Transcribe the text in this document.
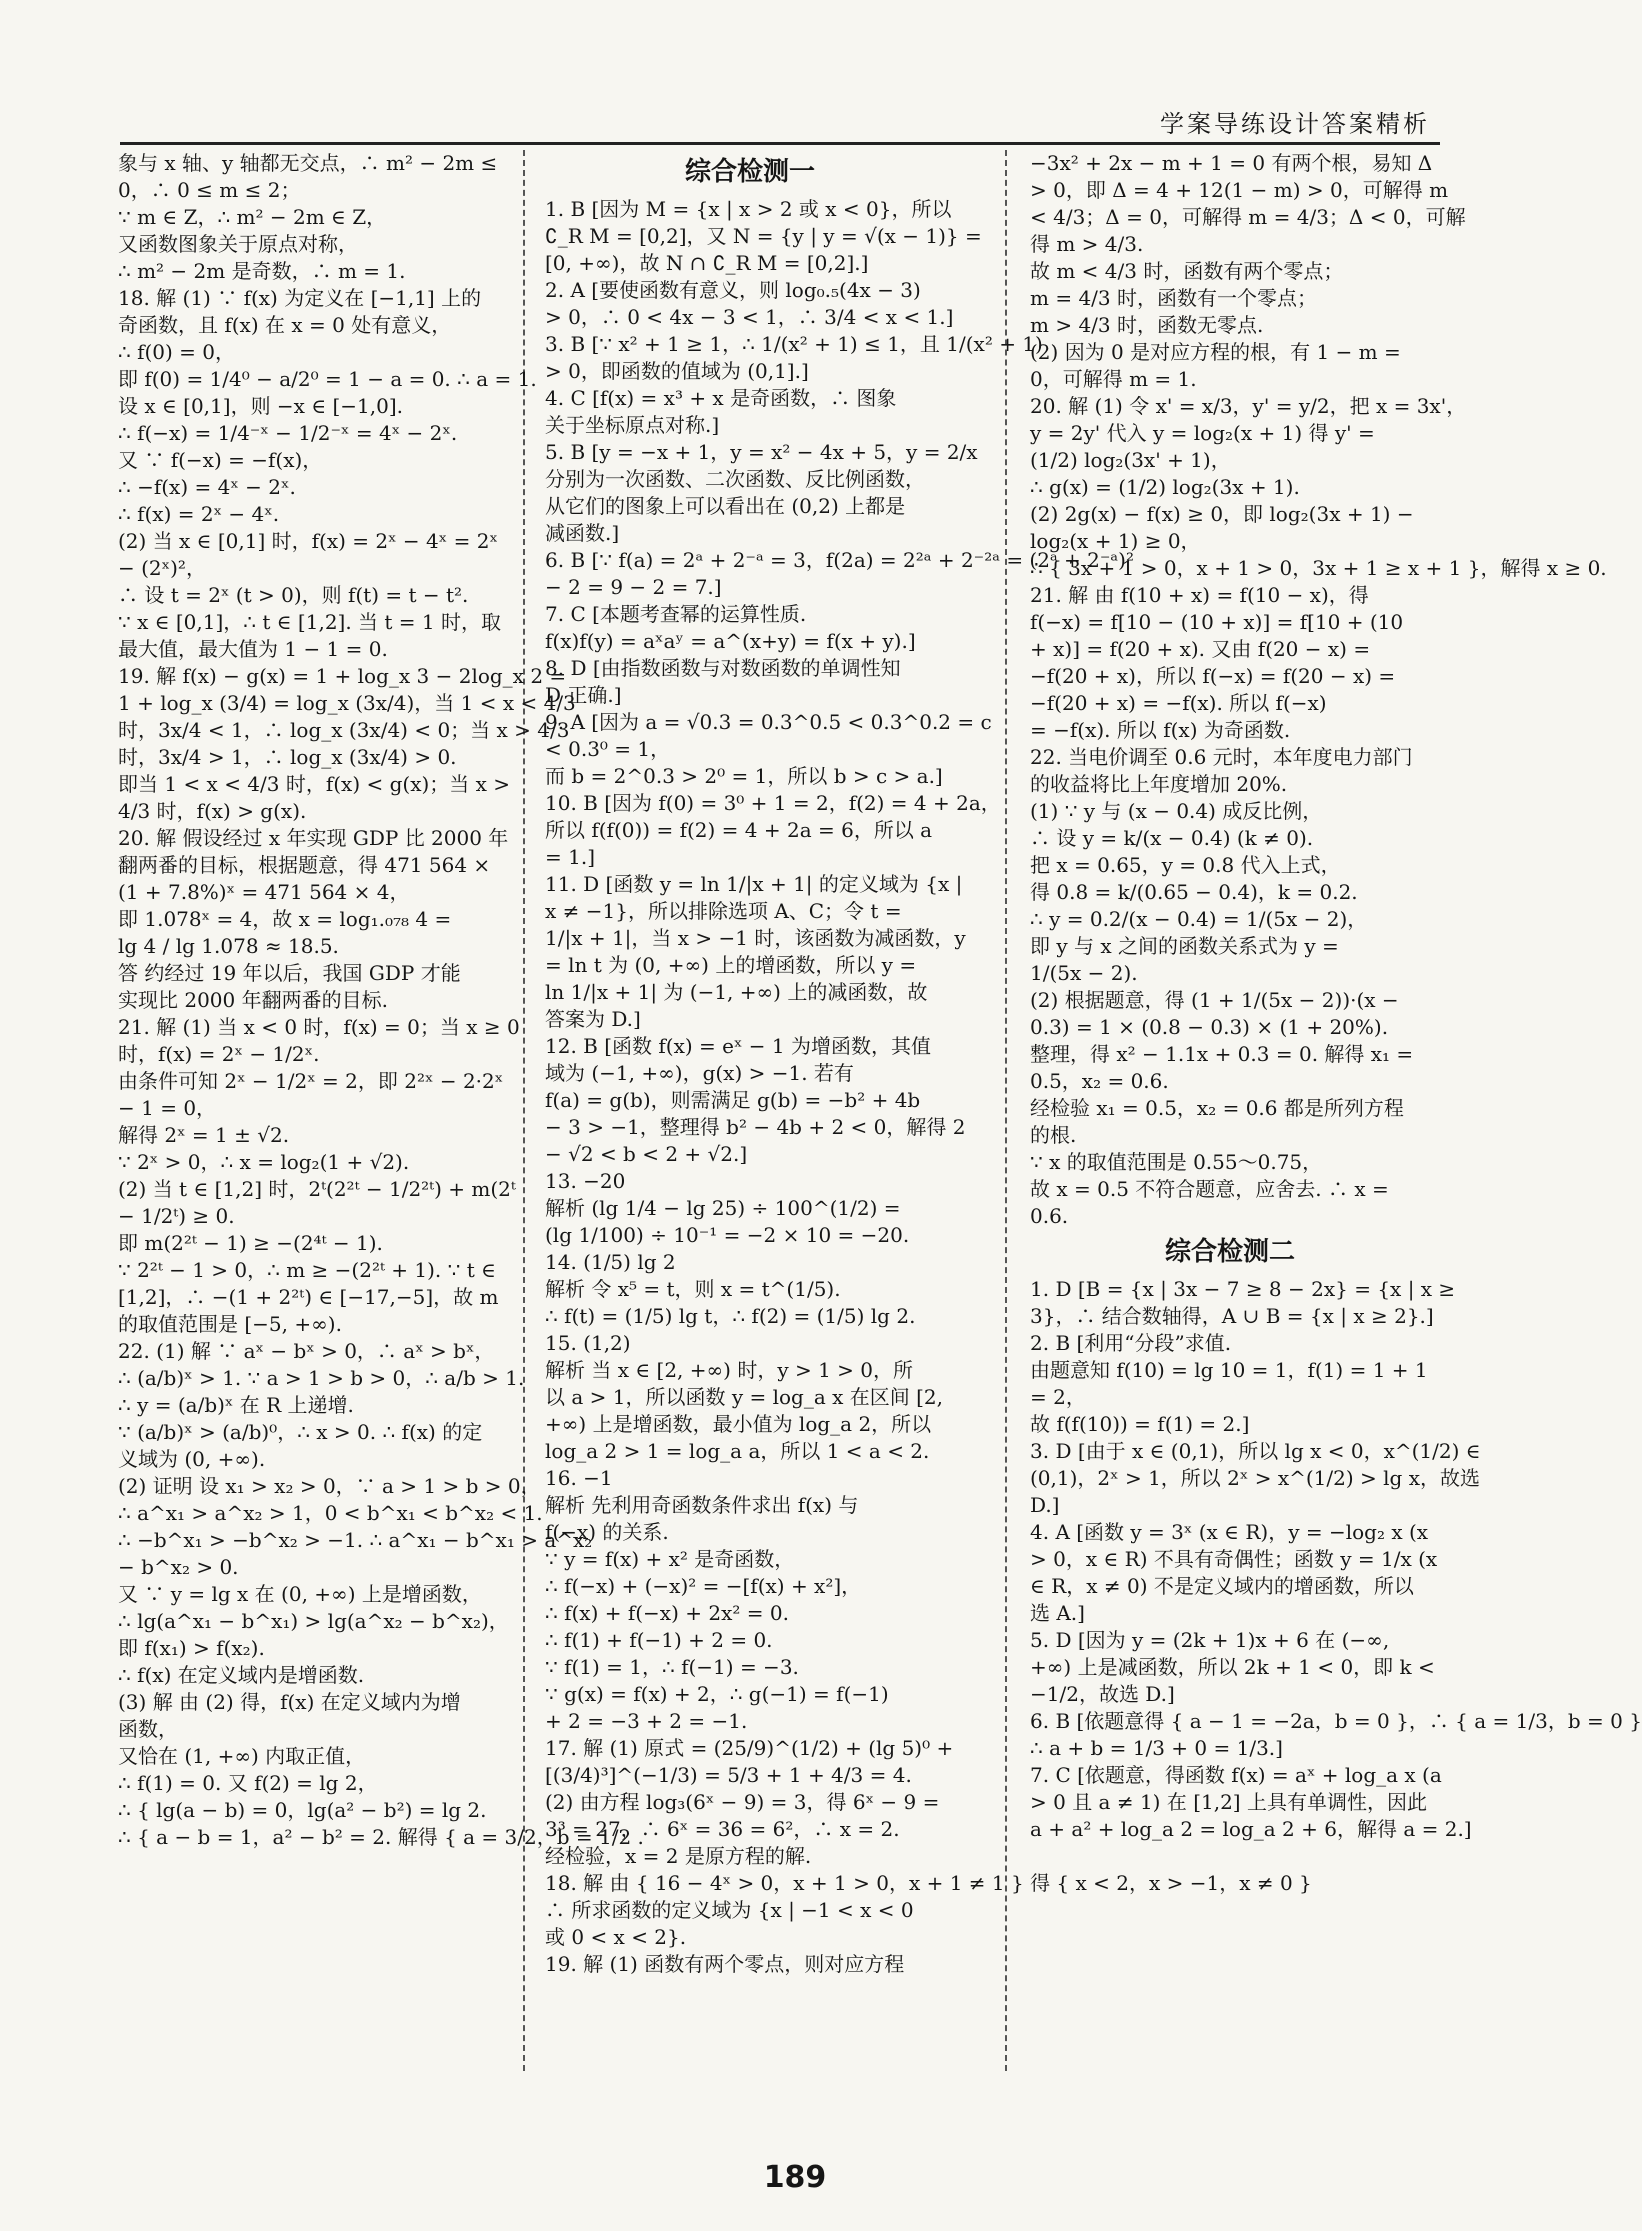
学案导练设计答案精析
象与 x 轴、y 轴都无交点，∴ m² − 2m ≤
0，∴ 0 ≤ m ≤ 2；
∵ m ∈ Z，∴ m² − 2m ∈ Z，
又函数图象关于原点对称，
∴ m² − 2m 是奇数，∴ m = 1.
18. 解 (1) ∵ f(x) 为定义在 [−1,1] 上的
奇函数，且 f(x) 在 x = 0 处有意义，
∴ f(0) = 0，
即 f(0) = 1/4⁰ − a/2⁰ = 1 − a = 0. ∴ a = 1.
设 x ∈ [0,1]，则 −x ∈ [−1,0].
∴ f(−x) = 1/4⁻ˣ − 1/2⁻ˣ = 4ˣ − 2ˣ.
又 ∵ f(−x) = −f(x)，
∴ −f(x) = 4ˣ − 2ˣ.
∴ f(x) = 2ˣ − 4ˣ.
(2) 当 x ∈ [0,1] 时，f(x) = 2ˣ − 4ˣ = 2ˣ
− (2ˣ)²，
∴ 设 t = 2ˣ (t > 0)，则 f(t) = t − t².
∵ x ∈ [0,1]，∴ t ∈ [1,2]. 当 t = 1 时，取
最大值，最大值为 1 − 1 = 0.
19. 解 f(x) − g(x) = 1 + log_x 3 − 2log_x 2 =
1 + log_x (3/4) = log_x (3x/4)，当 1 < x < 4/3
时，3x/4 < 1，∴ log_x (3x/4) < 0；当 x > 4/3
时，3x/4 > 1，∴ log_x (3x/4) > 0.
即当 1 < x < 4/3 时，f(x) < g(x)；当 x >
4/3 时，f(x) > g(x).
20. 解 假设经过 x 年实现 GDP 比 2000 年
翻两番的目标，根据题意，得 471 564 ×
(1 + 7.8%)ˣ = 471 564 × 4，
即 1.078ˣ = 4，故 x = log₁.₀₇₈ 4 =
lg 4 / lg 1.078 ≈ 18.5.
答 约经过 19 年以后，我国 GDP 才能
实现比 2000 年翻两番的目标.
21. 解 (1) 当 x < 0 时，f(x) = 0；当 x ≥ 0
时，f(x) = 2ˣ − 1/2ˣ.
由条件可知 2ˣ − 1/2ˣ = 2，即 2²ˣ − 2·2ˣ
− 1 = 0，
解得 2ˣ = 1 ± √2.
∵ 2ˣ > 0，∴ x = log₂(1 + √2).
(2) 当 t ∈ [1,2] 时，2ᵗ(2²ᵗ − 1/2²ᵗ) + m(2ᵗ
− 1/2ᵗ) ≥ 0.
即 m(2²ᵗ − 1) ≥ −(2⁴ᵗ − 1).
∵ 2²ᵗ − 1 > 0，∴ m ≥ −(2²ᵗ + 1). ∵ t ∈
[1,2]，∴ −(1 + 2²ᵗ) ∈ [−17,−5]，故 m
的取值范围是 [−5, +∞).
22. (1) 解 ∵ aˣ − bˣ > 0，∴ aˣ > bˣ，
∴ (a/b)ˣ > 1. ∵ a > 1 > b > 0，∴ a/b > 1.
∴ y = (a/b)ˣ 在 R 上递增.
∵ (a/b)ˣ > (a/b)⁰，∴ x > 0. ∴ f(x) 的定
义域为 (0, +∞).
(2) 证明 设 x₁ > x₂ > 0，∵ a > 1 > b > 0，
∴ a^x₁ > a^x₂ > 1，0 < b^x₁ < b^x₂ < 1.
∴ −b^x₁ > −b^x₂ > −1. ∴ a^x₁ − b^x₁ > a^x₂
− b^x₂ > 0.
又 ∵ y = lg x 在 (0, +∞) 上是增函数，
∴ lg(a^x₁ − b^x₁) > lg(a^x₂ − b^x₂)，
即 f(x₁) > f(x₂).
∴ f(x) 在定义域内是增函数.
(3) 解 由 (2) 得，f(x) 在定义域内为增
函数，
又恰在 (1, +∞) 内取正值，
∴ f(1) = 0. 又 f(2) = lg 2，
∴ { lg(a − b) = 0，lg(a² − b²) = lg 2.
∴ { a − b = 1，a² − b² = 2. 解得 { a = 3/2，b = 1/2 .
综合检测一
1. B [因为 M = {x | x > 2 或 x < 0}，所以
∁_R M = [0,2]，又 N = {y | y = √(x − 1)} =
[0, +∞)，故 N ∩ ∁_R M = [0,2].]
2. A [要使函数有意义，则 log₀.₅(4x − 3)
> 0，∴ 0 < 4x − 3 < 1，∴ 3/4 < x < 1.]
3. B [∵ x² + 1 ≥ 1，∴ 1/(x² + 1) ≤ 1，且 1/(x² + 1)
> 0，即函数的值域为 (0,1].]
4. C [f(x) = x³ + x 是奇函数，∴ 图象
关于坐标原点对称.]
5. B [y = −x + 1，y = x² − 4x + 5，y = 2/x
分别为一次函数、二次函数、反比例函数，
从它们的图象上可以看出在 (0,2) 上都是
减函数.]
6. B [∵ f(a) = 2ᵃ + 2⁻ᵃ = 3，f(2a) = 2²ᵃ + 2⁻²ᵃ = (2ᵃ + 2⁻ᵃ)²
− 2 = 9 − 2 = 7.]
7. C [本题考查幂的运算性质.
f(x)f(y) = aˣaʸ = a^(x+y) = f(x + y).]
8. D [由指数函数与对数函数的单调性知
D 正确.]
9. A [因为 a = √0.3 = 0.3^0.5 < 0.3^0.2 = c
< 0.3⁰ = 1，
而 b = 2^0.3 > 2⁰ = 1，所以 b > c > a.]
10. B [因为 f(0) = 3⁰ + 1 = 2，f(2) = 4 + 2a，
所以 f(f(0)) = f(2) = 4 + 2a = 6，所以 a
= 1.]
11. D [函数 y = ln 1/|x + 1| 的定义域为 {x |
x ≠ −1}，所以排除选项 A、C；令 t =
1/|x + 1|，当 x > −1 时，该函数为减函数，y
= ln t 为 (0, +∞) 上的增函数，所以 y =
ln 1/|x + 1| 为 (−1, +∞) 上的减函数，故
答案为 D.]
12. B [函数 f(x) = eˣ − 1 为增函数，其值
域为 (−1, +∞)，g(x) > −1. 若有
f(a) = g(b)，则需满足 g(b) = −b² + 4b
− 3 > −1，整理得 b² − 4b + 2 < 0，解得 2
− √2 < b < 2 + √2.]
13. −20
解析 (lg 1/4 − lg 25) ÷ 100^(1/2) =
(lg 1/100) ÷ 10⁻¹ = −2 × 10 = −20.
14. (1/5) lg 2
解析 令 x⁵ = t，则 x = t^(1/5).
∴ f(t) = (1/5) lg t，∴ f(2) = (1/5) lg 2.
15. (1,2)
解析 当 x ∈ [2, +∞) 时，y > 1 > 0，所
以 a > 1，所以函数 y = log_a x 在区间 [2,
+∞) 上是增函数，最小值为 log_a 2，所以
log_a 2 > 1 = log_a a，所以 1 < a < 2.
16. −1
解析 先利用奇函数条件求出 f(x) 与
f(−x) 的关系.
∵ y = f(x) + x² 是奇函数，
∴ f(−x) + (−x)² = −[f(x) + x²]，
∴ f(x) + f(−x) + 2x² = 0.
∴ f(1) + f(−1) + 2 = 0.
∵ f(1) = 1，∴ f(−1) = −3.
∵ g(x) = f(x) + 2，∴ g(−1) = f(−1)
+ 2 = −3 + 2 = −1.
17. 解 (1) 原式 = (25/9)^(1/2) + (lg 5)⁰ +
[(3/4)³]^(−1/3) = 5/3 + 1 + 4/3 = 4.
(2) 由方程 log₃(6ˣ − 9) = 3，得 6ˣ − 9 =
3³ = 27，∴ 6ˣ = 36 = 6²，∴ x = 2.
经检验，x = 2 是原方程的解.
18. 解 由 { 16 − 4ˣ > 0，x + 1 > 0，x + 1 ≠ 1 } 得 { x < 2，x > −1，x ≠ 0 }
∴ 所求函数的定义域为 {x | −1 < x < 0
或 0 < x < 2}.
19. 解 (1) 函数有两个零点，则对应方程
−3x² + 2x − m + 1 = 0 有两个根，易知 Δ
> 0，即 Δ = 4 + 12(1 − m) > 0，可解得 m
< 4/3；Δ = 0，可解得 m = 4/3；Δ < 0，可解
得 m > 4/3.
故 m < 4/3 时，函数有两个零点；
m = 4/3 时，函数有一个零点；
m > 4/3 时，函数无零点.
(2) 因为 0 是对应方程的根，有 1 − m =
0，可解得 m = 1.
20. 解 (1) 令 x' = x/3，y' = y/2，把 x = 3x'，
y = 2y' 代入 y = log₂(x + 1) 得 y' =
(1/2) log₂(3x' + 1)，
∴ g(x) = (1/2) log₂(3x + 1).
(2) 2g(x) − f(x) ≥ 0，即 log₂(3x + 1) −
log₂(x + 1) ≥ 0，
∴ { 3x + 1 > 0，x + 1 > 0，3x + 1 ≥ x + 1 }，解得 x ≥ 0.
21. 解 由 f(10 + x) = f(10 − x)，得
f(−x) = f[10 − (10 + x)] = f[10 + (10
+ x)] = f(20 + x). 又由 f(20 − x) =
−f(20 + x)，所以 f(−x) = f(20 − x) =
−f(20 + x) = −f(x). 所以 f(−x)
= −f(x). 所以 f(x) 为奇函数.
22. 当电价调至 0.6 元时，本年度电力部门
的收益将比上年度增加 20%.
(1) ∵ y 与 (x − 0.4) 成反比例，
∴ 设 y = k/(x − 0.4) (k ≠ 0).
把 x = 0.65，y = 0.8 代入上式，
得 0.8 = k/(0.65 − 0.4)，k = 0.2.
∴ y = 0.2/(x − 0.4) = 1/(5x − 2)，
即 y 与 x 之间的函数关系式为 y =
1/(5x − 2).
(2) 根据题意，得 (1 + 1/(5x − 2))·(x −
0.3) = 1 × (0.8 − 0.3) × (1 + 20%).
整理，得 x² − 1.1x + 0.3 = 0. 解得 x₁ =
0.5，x₂ = 0.6.
经检验 x₁ = 0.5，x₂ = 0.6 都是所列方程
的根.
∵ x 的取值范围是 0.55～0.75，
故 x = 0.5 不符合题意，应舍去. ∴ x =
0.6.
综合检测二
1. D [B = {x | 3x − 7 ≥ 8 − 2x} = {x | x ≥
3}，∴ 结合数轴得，A ∪ B = {x | x ≥ 2}.]
2. B [利用“分段”求值.
由题意知 f(10) = lg 10 = 1，f(1) = 1 + 1
= 2，
故 f(f(10)) = f(1) = 2.]
3. D [由于 x ∈ (0,1)，所以 lg x < 0，x^(1/2) ∈
(0,1)，2ˣ > 1，所以 2ˣ > x^(1/2) > lg x，故选
D.]
4. A [函数 y = 3ˣ (x ∈ R)，y = −log₂ x (x
> 0，x ∈ R) 不具有奇偶性；函数 y = 1/x (x
∈ R，x ≠ 0) 不是定义域内的增函数，所以
选 A.]
5. D [因为 y = (2k + 1)x + 6 在 (−∞,
+∞) 上是减函数，所以 2k + 1 < 0，即 k <
−1/2，故选 D.]
6. B [依题意得 { a − 1 = −2a，b = 0 }，∴ { a = 1/3，b = 0 }
∴ a + b = 1/3 + 0 = 1/3.]
7. C [依题意，得函数 f(x) = aˣ + log_a x (a
> 0 且 a ≠ 1) 在 [1,2] 上具有单调性，因此
a + a² + log_a 2 = log_a 2 + 6，解得 a = 2.]
189
